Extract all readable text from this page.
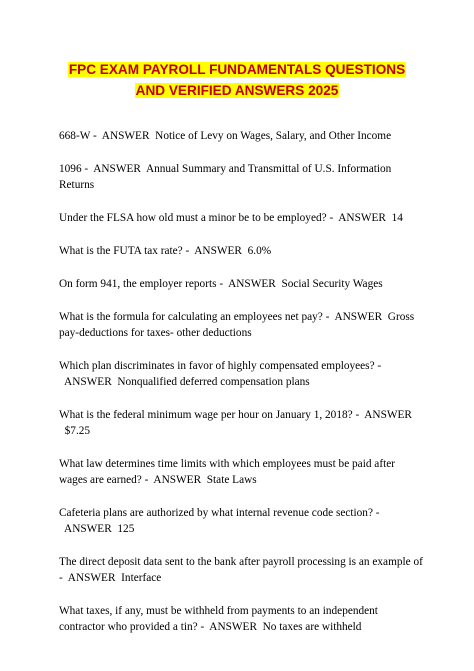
FPC EXAM PAYROLL FUNDAMENTALS QUESTIONS
AND VERIFIED ANSWERS 2025

668-W - ANSWER Notice of Levy on Wages, Salary, and Other Income

1096 - ANSWER Annual Summary and Transmittal of U.S. Information Returns

Under the FLSA how old must a minor be to be employed? - ANSWER 14

What is the FUTA tax rate? - ANSWER 6.0%

On form 941, the employer reports - ANSWER Social Security Wages

What is the formula for calculating an employees net pay? - ANSWER Gross pay-deductions for taxes- other deductions

Which plan discriminates in favor of highly compensated employees? -  ANSWER Nonqualified deferred compensation plans

What is the federal minimum wage per hour on January 1, 2018? - ANSWER  $7.25

What law determines time limits with which employees must be paid after wages are earned? - ANSWER State Laws

Cafeteria plans are authorized by what internal revenue code section? -  ANSWER 125

The direct deposit data sent to the bank after payroll processing is an example of - ANSWER Interface

What taxes, if any, must be withheld from payments to an independent contractor who provided a tin? - ANSWER No taxes are withheld
